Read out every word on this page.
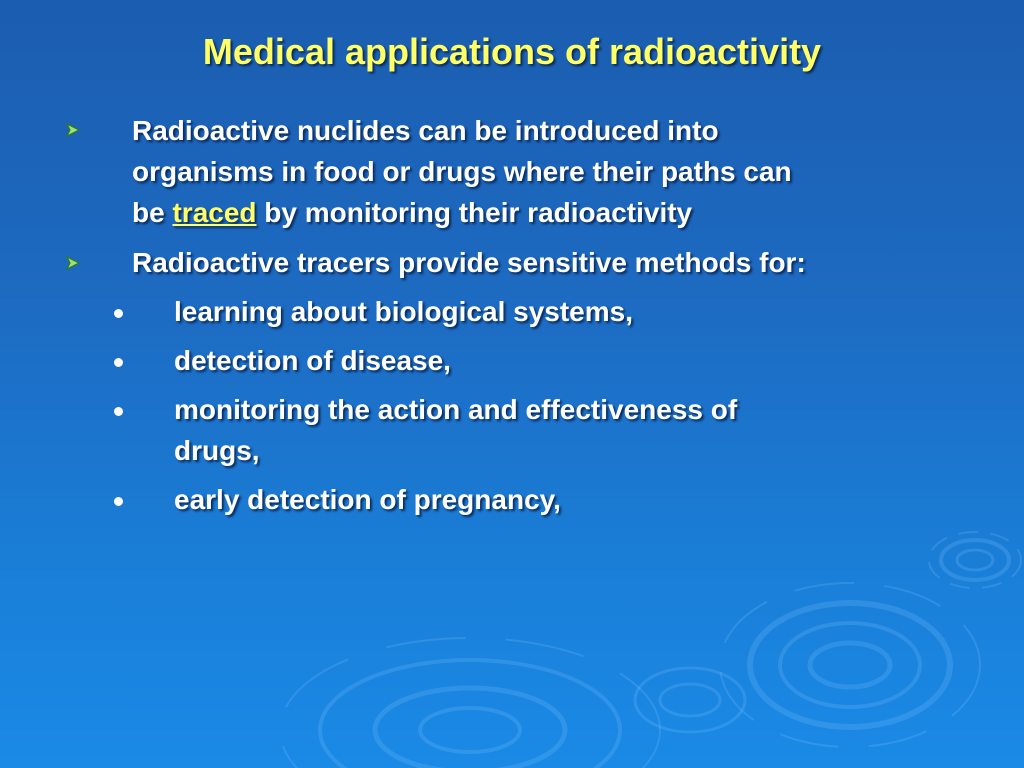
Medical applications of radioactivity
Radioactive nuclides can be introduced into
organisms in food or drugs where their paths can
be traced by monitoring their radioactivity
Radioactive tracers provide sensitive methods for:
learning about biological systems,
detection of disease,
monitoring the action and effectiveness of
drugs,
early detection of pregnancy,
